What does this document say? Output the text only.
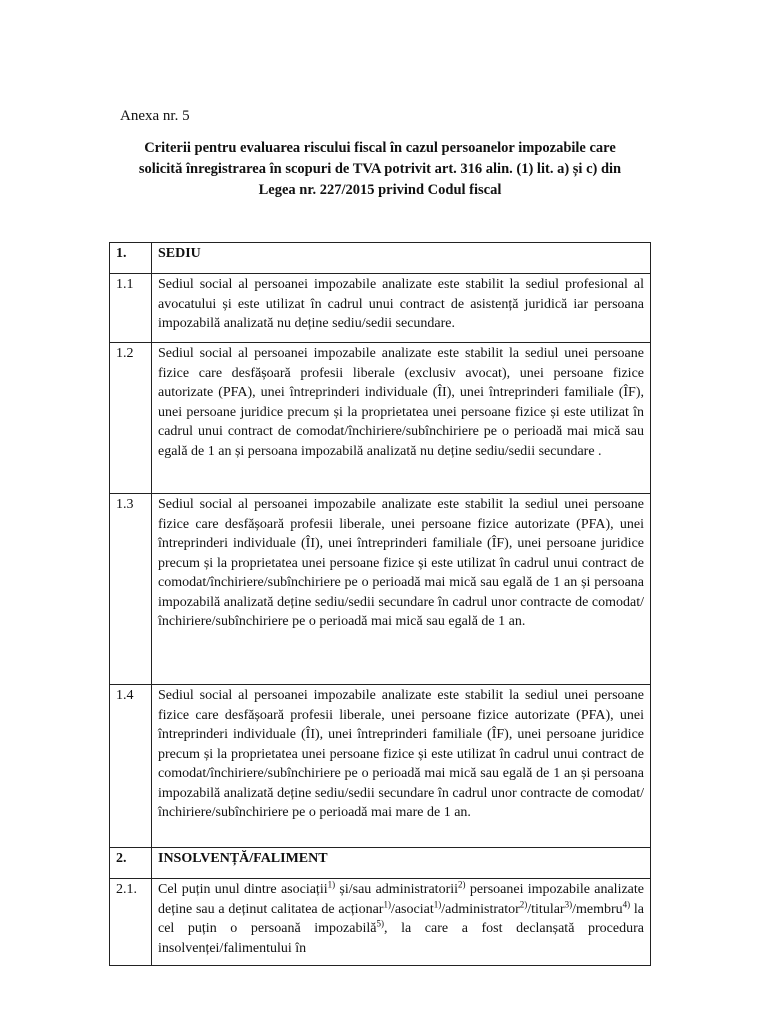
Anexa nr. 5
Criterii pentru evaluarea riscului fiscal în cazul persoanelor impozabile care
solicită înregistrarea în scopuri de TVA potrivit art. 316 alin. (1) lit. a) și c) din
Legea nr. 227/2015 privind Codul fiscal
1.	SEDIU
1.1	Sediul social al persoanei impozabile analizate este stabilit la sediul profesional al avocatului și este utilizat în cadrul unui contract de asistență juridică iar persoana impozabilă analizată nu deține sediu/sedii secundare.
1.2	Sediul social al persoanei impozabile analizate este stabilit la sediul unei persoane fizice care desfășoară profesii liberale (exclusiv avocat), unei persoane fizice autorizate (PFA), unei întreprinderi individuale (ÎI), unei întreprinderi familiale (ÎF), unei persoane juridice precum și la proprietatea unei persoane fizice și este utilizat în cadrul unui contract de comodat/închiriere/subînchiriere pe o perioadă mai mică sau egală de 1 an și persoana impozabilă analizată nu deține sediu/sedii secundare .
1.3	Sediul social al persoanei impozabile analizate este stabilit la sediul unei persoane fizice care desfășoară profesii liberale, unei persoane fizice autorizate (PFA), unei întreprinderi individuale (ÎI), unei întreprinderi familiale (ÎF), unei persoane juridice precum și la proprietatea unei persoane fizice și este utilizat în cadrul unui contract de comodat/închiriere/subînchiriere pe o perioadă mai mică sau egală de 1 an și persoana impozabilă analizată deține sediu/sedii secundare în cadrul unor contracte de comodat/închiriere/subînchiriere pe o perioadă mai mică sau egală de 1 an.
1.4	Sediul social al persoanei impozabile analizate este stabilit la sediul unei persoane fizice care desfășoară profesii liberale, unei persoane fizice autorizate (PFA), unei întreprinderi individuale (ÎI), unei întreprinderi familiale (ÎF), unei persoane juridice precum și la proprietatea unei persoane fizice și este utilizat în cadrul unui contract de comodat/închiriere/subînchiriere pe o perioadă mai mică sau egală de 1 an și persoana impozabilă analizată deține sediu/sedii secundare în cadrul unor contracte de comodat/închiriere/subînchiriere pe o perioadă mai mare de 1 an.
2.	INSOLVENȚĂ/FALIMENT
2.1.	Cel puțin unul dintre asociații$^{1)}$ și/sau administratorii$^{2)}$ persoanei impozabile analizate deține sau a deținut calitatea de acționar$^{1)}$/asociat$^{1)}$/administrator$^{2)}$/titular$^{3)}$/membru$^{4)}$ la cel puțin o persoană impozabilă$^{5)}$, la care a fost declanșată procedura insolvenței/falimentului în
